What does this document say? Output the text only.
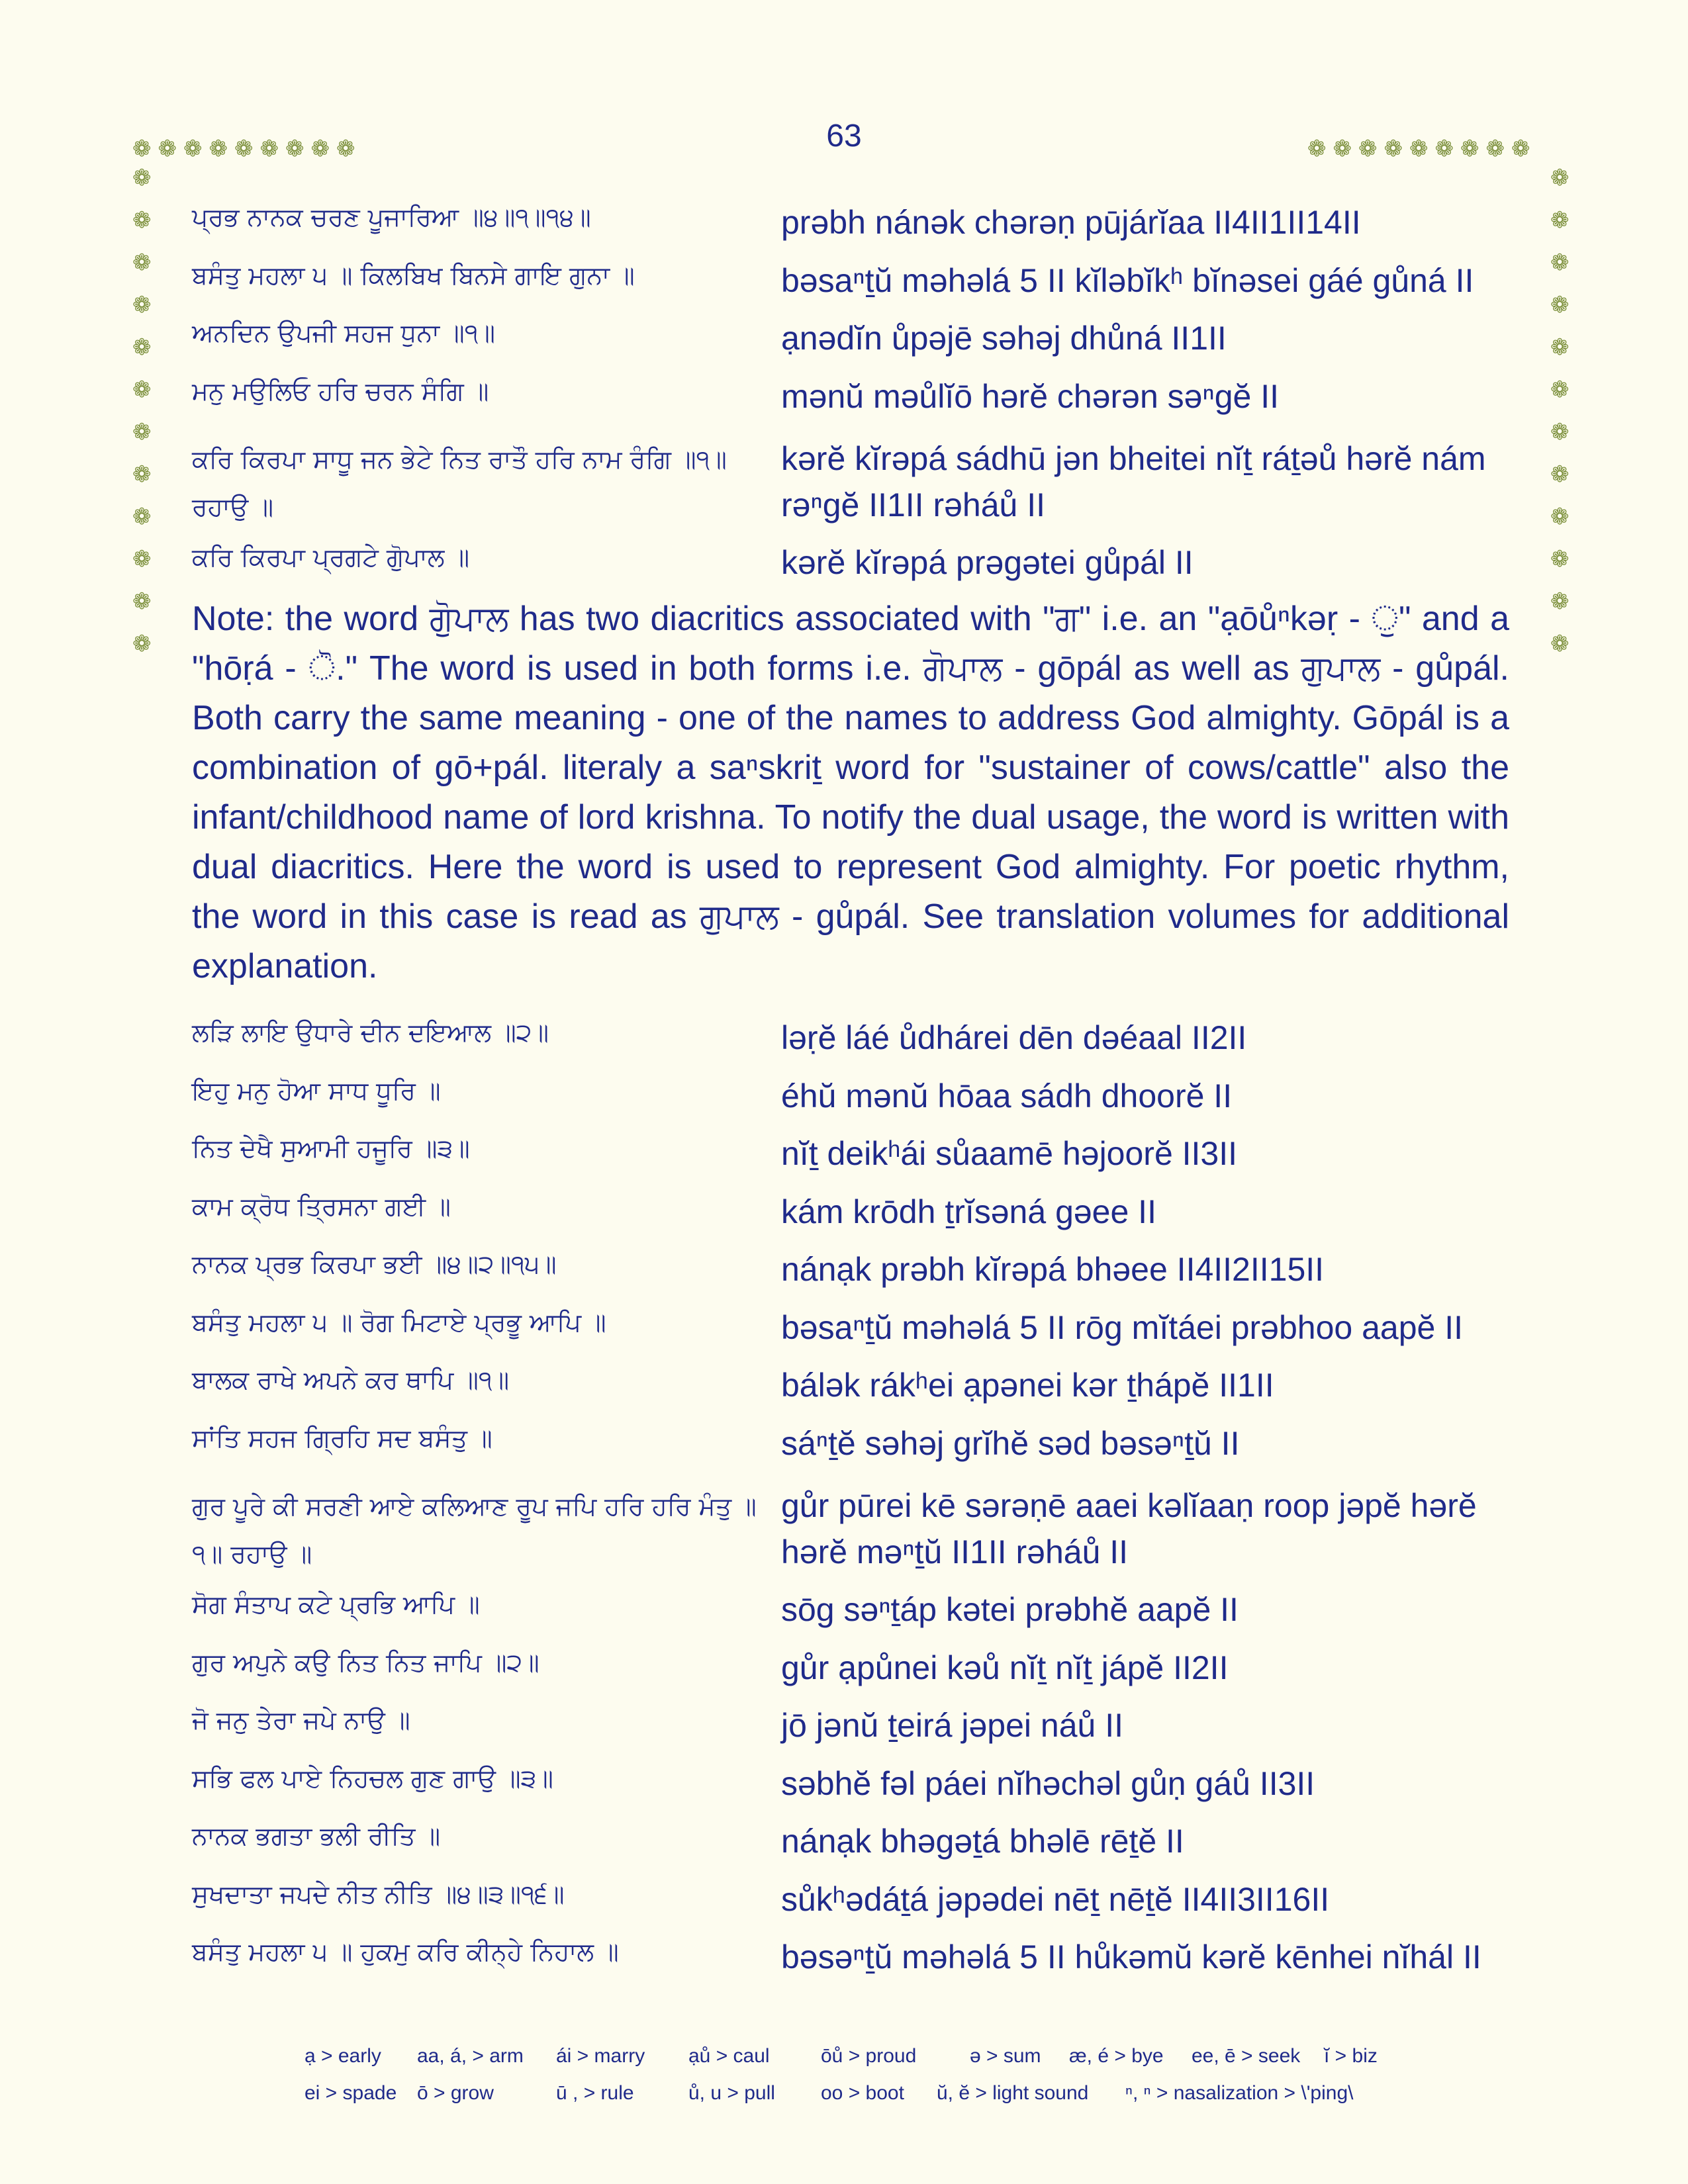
63
❁ ❁ ❁ ❁ ❁ ❁ ❁ ❁ ❁	❁ ❁ ❁ ❁ ❁ ❁ ❁ ❁ ❁
❁
❁
❁
❁
❁
❁
❁
❁
❁
❁
❁
❁
❁
❁
❁
❁
❁
❁
❁
❁
❁
❁
❁
❁
ਪ੍ਰਭ ਨਾਨਕ ਚਰਣ ਪੂਜਾਰਿਆ ॥੪॥੧॥੧੪॥	prəbh nánək chərəṇ pūjárĭaa II4II1II14II
ਬਸੰਤੁ ਮਹਲਾ ੫ ॥ ਕਿਲਬਿਖ ਬਿਨਸੇ ਗਾਇ ਗੁਨਾ ॥	bəsaⁿṯŭ məhəlá 5 II kĭləbĭkʰ bĭnəsei gáé gůná II
ਅਨਦਿਨ ਉਪਜੀ ਸਹਜ ਧੁਨਾ ॥੧॥	ạnədĭn ůpəjē səhəj dhůná II1II
ਮਨੁ ਮਉਲਿਓ ਹਰਿ ਚਰਨ ਸੰਗਿ ॥	mənŭ məůlĭō hərĕ chərən səⁿgĕ II
ਕਰਿ ਕਿਰਪਾ ਸਾਧੂ ਜਨ ਭੇਟੇ ਨਿਤ ਰਾਤੌ ਹਰਿ ਨਾਮ ਰੰਗਿ ॥੧॥ ਰਹਾਉ ॥
kərĕ kĭrəpá sádhū jən bheitei nĭṯ ráṯəů hərĕ nám rəⁿgĕ II1II rəháů II
ਕਰਿ ਕਿਰਪਾ ਪ੍ਰਗਟੇ ਗੁੋਪਾਲ ॥	kərĕ kĭrəpá prəgətei gůpál II
Note: the word ਗੁੋਪਾਲ has two diacritics associated with "ਗ" i.e. an "ạōůⁿkəṛ - ੁ" and a "hōṛá - ੋ." The word is used in both forms i.e. ਗੋਪਾਲ - gōpál as well as ਗੁਪਾਲ - gůpál. Both carry the same meaning - one of the names to address God almighty. Gōpál is a combination of gō+pál. literaly a saⁿskriṯ word for "sustainer of cows/cattle" also the infant/childhood name of lord krishna. To notify the dual usage, the word is written with dual diacritics. Here the word is used to represent God almighty. For poetic rhythm, the word in this case is read as ਗੁਪਾਲ - gůpál. See translation volumes for additional explanation.
ਲੜਿ ਲਾਇ ਉਧਾਰੇ ਦੀਨ ਦਇਆਲ ॥੨॥	ləṛĕ láé ůdhárei dēn dəéaal II2II
ਇਹੁ ਮਨੁ ਹੋਆ ਸਾਧ ਧੂਰਿ ॥	éhŭ mənŭ hōaa sádh dhoorĕ II
ਨਿਤ ਦੇਖੈ ਸੁਆਮੀ ਹਜੂਰਿ ॥੩॥	nĭṯ deikʰái sůaamē həjoorĕ II3II
ਕਾਮ ਕ੍ਰੋਧ ਤ੍ਰਿਸਨਾ ਗਈ ॥	kám krōdh ṯrĭsəná gəee II
ਨਾਨਕ ਪ੍ਰਭ ਕਿਰਪਾ ਭਈ ॥੪॥੨॥੧੫॥	nánạk prəbh kĭrəpá bhəee II4II2II15II
ਬਸੰਤੁ ਮਹਲਾ ੫ ॥ ਰੋਗ ਮਿਟਾਏ ਪ੍ਰਭੂ ਆਪਿ ॥	bəsaⁿṯŭ məhəlá 5 II rōg mĭtáei prəbhoo aapĕ II
ਬਾਲਕ ਰਾਖੇ ਅਪਨੇ ਕਰ ਥਾਪਿ ॥੧॥	bálək rákʰei ạpənei kər ṯhápĕ II1II
ਸਾਂਤਿ ਸਹਜ ਗ੍ਰਿਹਿ ਸਦ ਬਸੰਤੁ ॥	sáⁿṯĕ səhəj grĭhĕ səd bəsəⁿṯŭ II
ਗੁਰ ਪੂਰੇ ਕੀ ਸਰਣੀ ਆਏ ਕਲਿਆਣ ਰੂਪ ਜਪਿ ਹਰਿ ਹਰਿ ਮੰਤੁ ॥੧॥ ਰਹਾਉ ॥
gůr pūrei kē sərəṇē aaei kəlĭaaṇ roop jəpĕ hərĕ hərĕ məⁿṯŭ II1II rəháů II
ਸੋਗ ਸੰਤਾਪ ਕਟੇ ਪ੍ਰਭਿ ਆਪਿ ॥	sōg səⁿṯáp kətei prəbhĕ aapĕ II
ਗੁਰ ਅਪੁਨੇ ਕਉ ਨਿਤ ਨਿਤ ਜਾਪਿ ॥੨॥	gůr ạpůnei kəů nĭṯ nĭṯ jápĕ II2II
ਜੋ ਜਨੁ ਤੇਰਾ ਜਪੇ ਨਾਉ ॥	jō jənŭ ṯeirá jəpei náů II
ਸਭਿ ਫਲ ਪਾਏ ਨਿਹਚਲ ਗੁਣ ਗਾਉ ॥੩॥	səbhĕ fəl páei nĭhəchəl gůṇ gáů II3II
ਨਾਨਕ ਭਗਤਾ ਭਲੀ ਰੀਤਿ ॥	nánạk bhəgəṯá bhəlē rēṯĕ II
ਸੁਖਦਾਤਾ ਜਪਦੇ ਨੀਤ ਨੀਤਿ ॥੪॥੩॥੧੬॥	sůkʰədáṯá jəpədei nēṯ nēṯĕ II4II3II16II
ਬਸੰਤੁ ਮਹਲਾ ੫ ॥ ਹੁਕਮੁ ਕਰਿ ਕੀਨ੍ਹੇ ਨਿਹਾਲ ॥	bəsəⁿṯŭ məhəlá 5 II hůkəmŭ kərĕ kēnhei nĭhál II
ạ > early	aa, á, > arm	ái > marry	ạů > caul	ōů > proud	ə > sum	æ, é > bye	ee, ē > seek	ĭ > biz
ei > spade	ō > grow	ū , > rule	ů, u > pull	oo > boot	ŭ, ĕ > light sound	ⁿ, ⁿ > nasalization > \'ping\
